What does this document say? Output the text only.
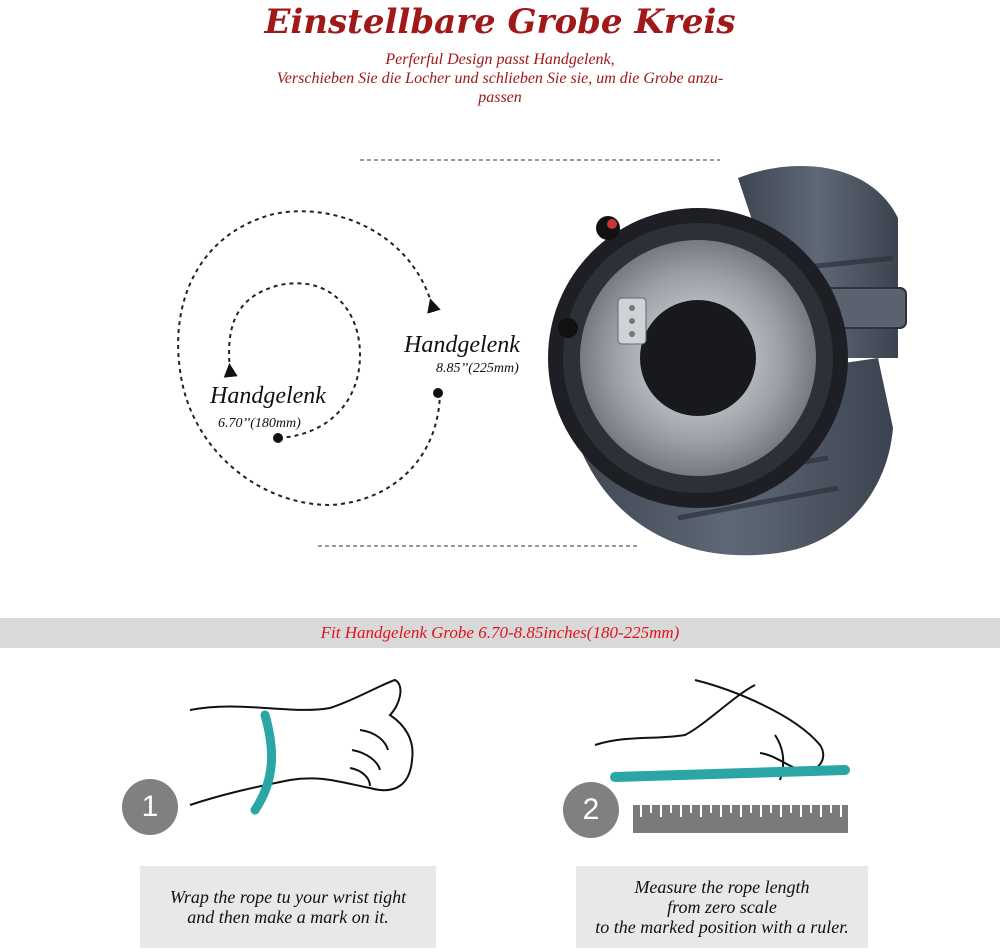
Einstellbare Grobe Kreis
Perferful Design passt Handgelenk,
Verschieben Sie die Locher und schlieben Sie sie, um die Grobe anzu-
passen
Handgelenk
8.85’’(225mm)
Handgelenk
6.70’’(180mm)
Fit Handgelenk Grobe 6.70-8.85inches(180-225mm)
1	2
Wrap the rope tu your wrist tight
and then make a mark on it.
Measure the rope length
from zero scale
to the marked position with a ruler.
